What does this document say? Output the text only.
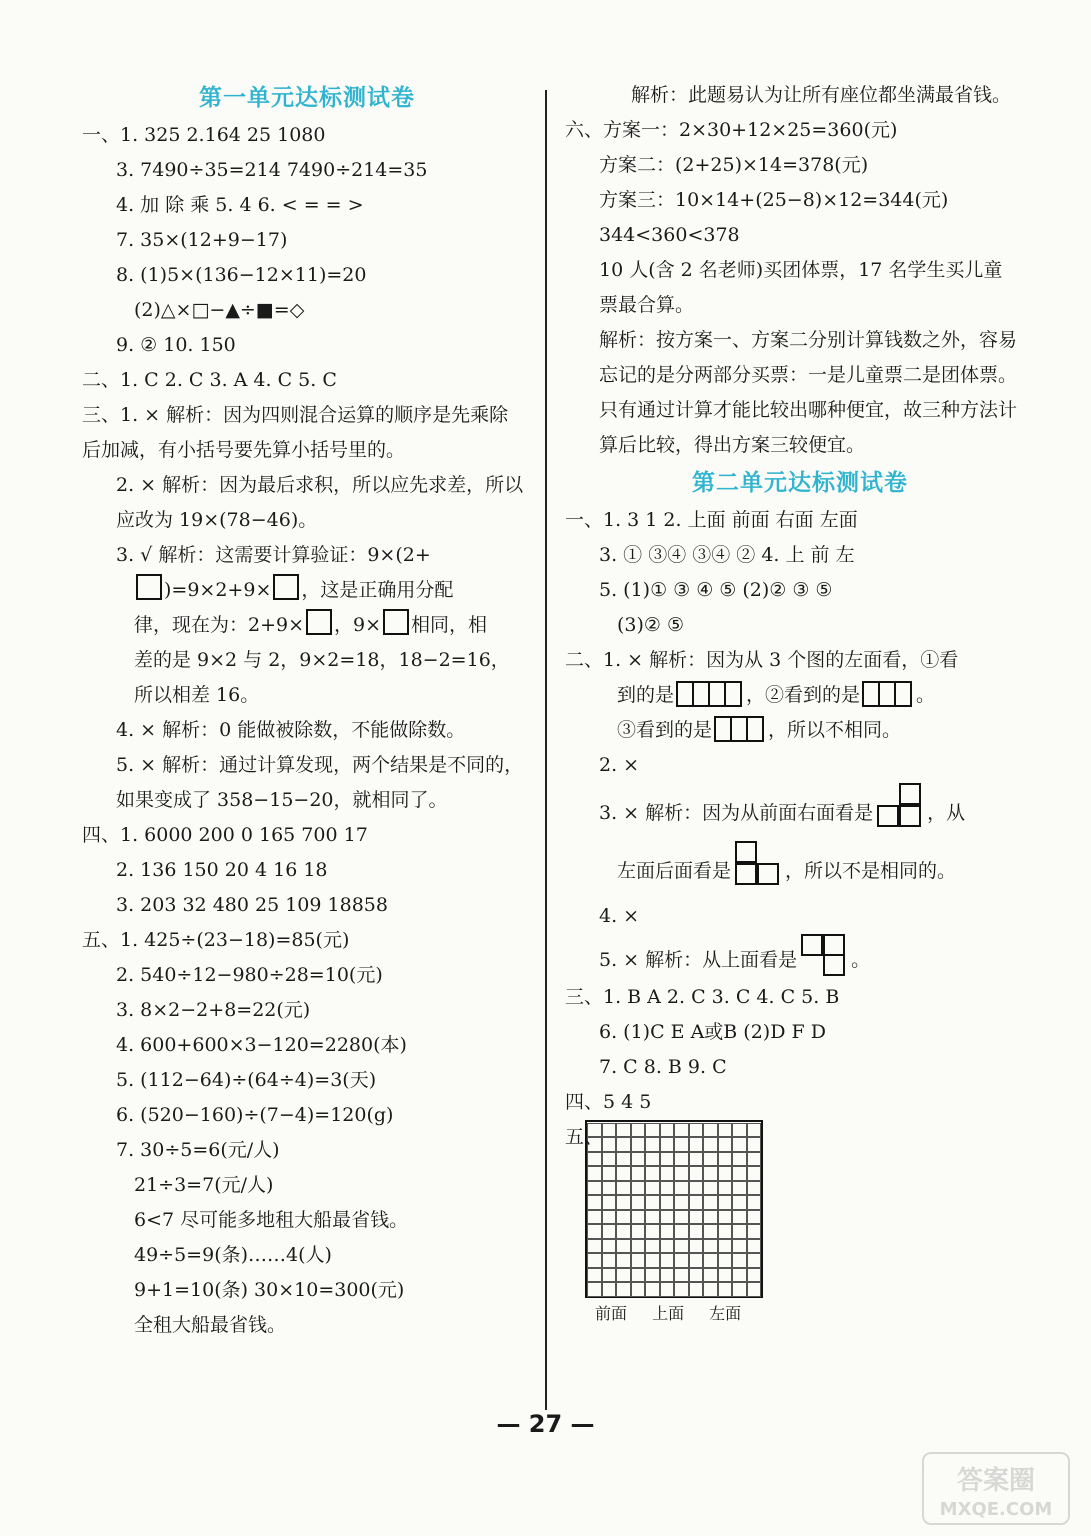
第一单元达标测试卷
一、1. 325 2.164 25 1080
3. 7490÷35=214 7490÷214=35
4. 加 除 乘 5. 4 6. < = = >
7. 35×(12+9−17)
8. (1)5×(136−12×11)=20
(2)△×□−▲÷■=◇
9. ② 10. 150
二、1. C 2. C 3. A 4. C 5. C
三、1. × 解析：因为四则混合运算的顺序是先乘除后加减，有小括号要先算小括号里的。
2. × 解析：因为最后求积，所以应先求差，所以应改为 19×(78−46)。
3. √ 解析：这需要计算验证：9×(2+
)=9×2+9× ，这是正确用分配
律，现在为：2+9× ，9× 相同，相
差的是 9×2 与 2，9×2=18，18−2=16，
所以相差 16。
4. × 解析：0 能做被除数，不能做除数。
5. × 解析：通过计算发现，两个结果是不同的，如果变成了 358−15−20，就相同了。
四、1. 6000 200 0 165 700 17
2. 136 150 20 4 16 18
3. 203 32 480 25 109 18858
五、1. 425÷(23−18)=85(元)
2. 540÷12−980÷28=10(元)
3. 8×2−2+8=22(元)
4. 600+600×3−120=2280(本)
5. (112−64)÷(64÷4)=3(天)
6. (520−160)÷(7−4)=120(g)
7. 30÷5=6(元/人)
21÷3=7(元/人)
6<7 尽可能多地租大船最省钱。
49÷5=9(条)……4(人)
9+1=10(条) 30×10=300(元)
全租大船最省钱。
解析：此题易认为让所有座位都坐满最省钱。
六、方案一：2×30+12×25=360(元)
方案二：(2+25)×14=378(元)
方案三：10×14+(25−8)×12=344(元)
344<360<378
10 人(含 2 名老师)买团体票，17 名学生买儿童票最合算。
解析：按方案一、方案二分别计算钱数之外，容易忘记的是分两部分买票：一是儿童票二是团体票。只有通过计算才能比较出哪种便宜，故三种方法计算后比较，得出方案三较便宜。
第二单元达标测试卷
一、1. 3 1 2. 上面 前面 右面 左面
3. ① ③④ ③④ ② 4. 上 前 左
5. (1)① ③ ④ ⑤ (2)② ③ ⑤
(3)② ⑤
二、1. × 解析：因为从 3 个图的左面看，①看
到的是	，②看到的是	。
③看到的是	，所以不相同。
2. ×
3. × 解析：因为从前面右面看是	，从
左面后面看是	，所以不是相同的。
4. ×
5. × 解析：从上面看是	。
三、1. B A 2. C 3. C 4. C 5. B
6. (1)C E A或B (2)D F D
7. C 8. B 9. C
四、5 4 5
五、
前面 上面 左面
— 27 —
答案圈
MXQE.COM
